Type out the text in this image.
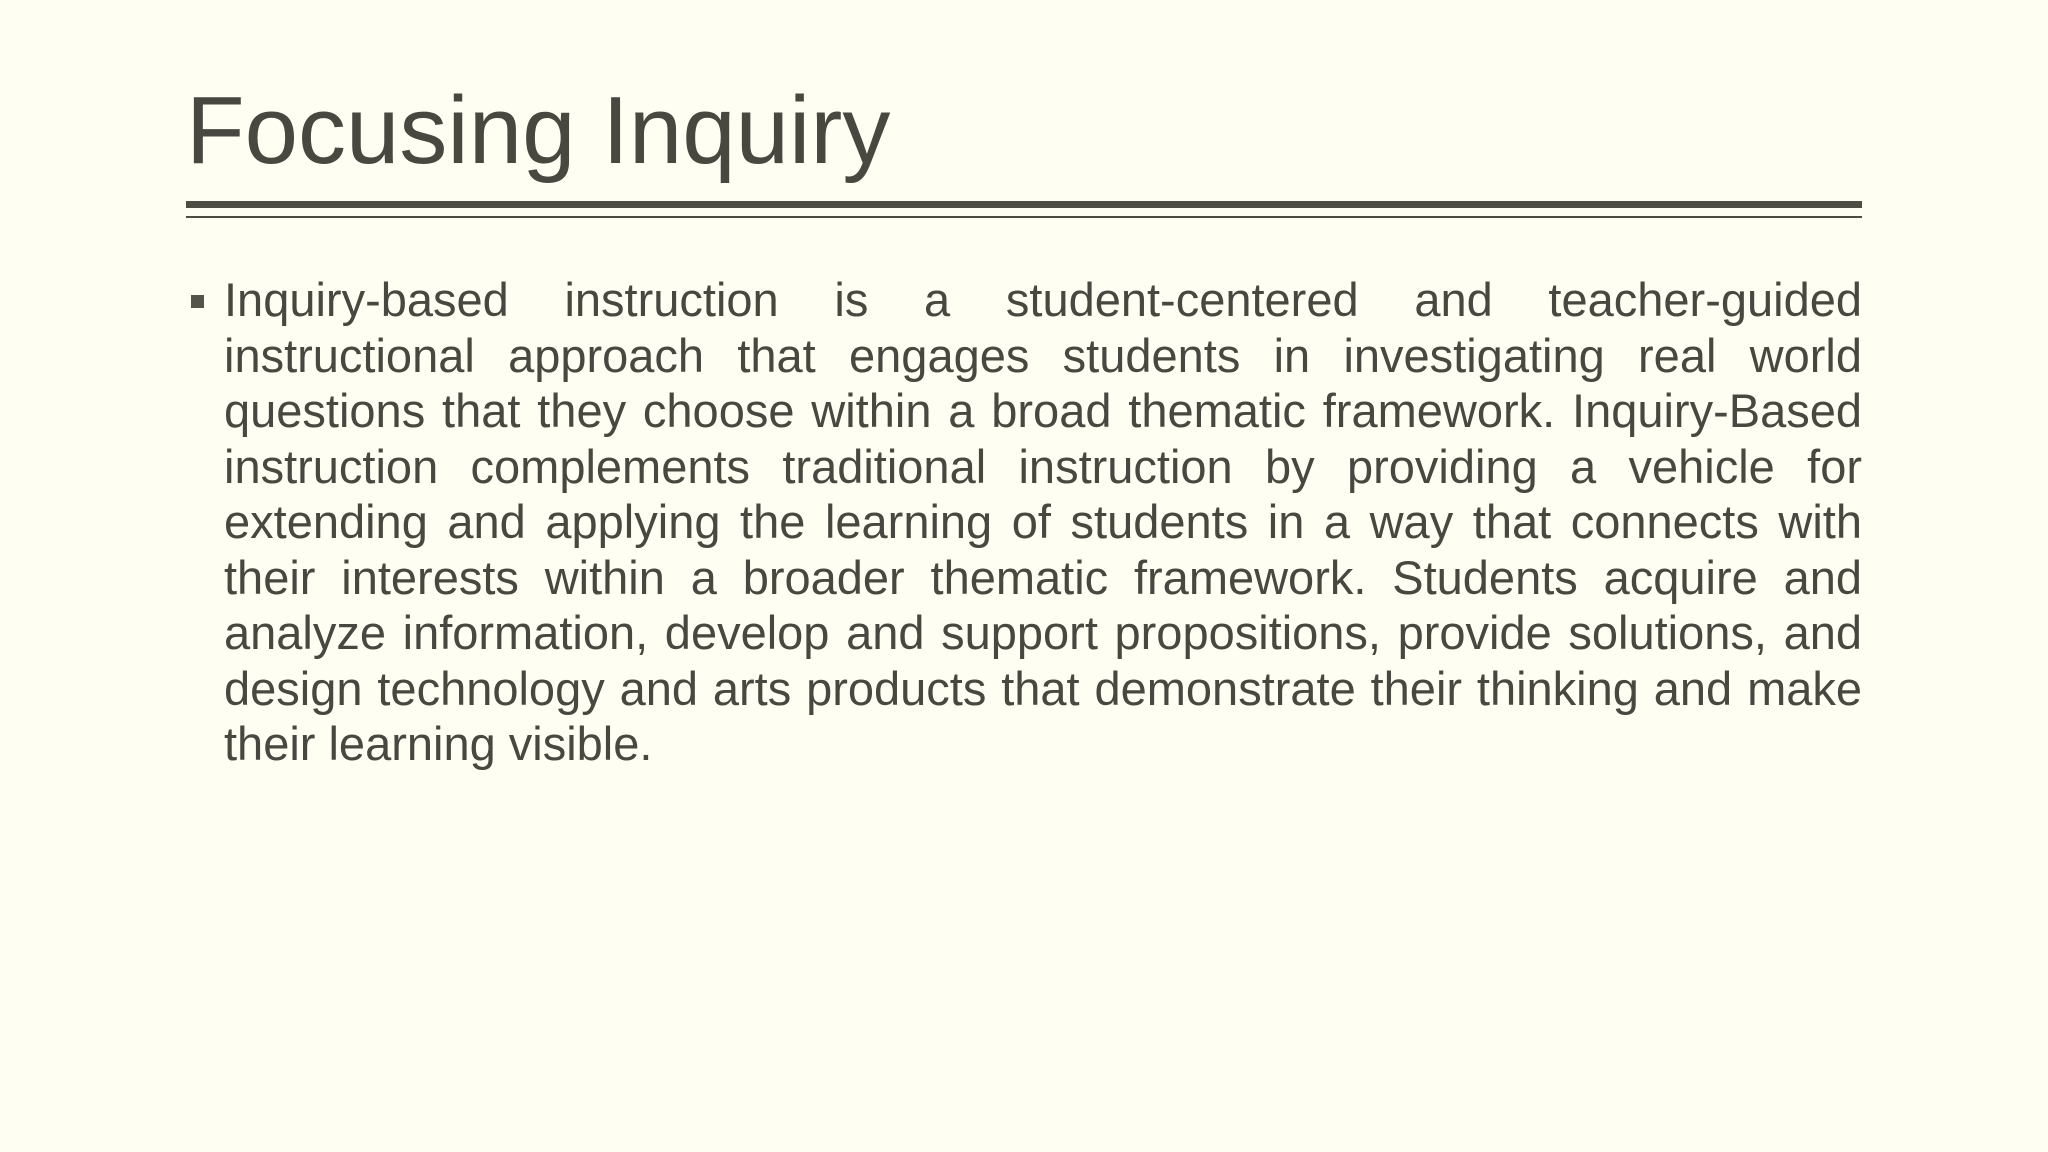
Focusing Inquiry
Inquiry-based instruction is a student-centered and teacher-guided instructional approach that engages students in investigating real world questions that they choose within a broad thematic framework. Inquiry-Based instruction complements traditional instruction by providing a vehicle for extending and applying the learning of students in a way that connects with their interests within a broader thematic framework. Students acquire and analyze information, develop and support propositions, provide solutions, and design technology and arts products that demonstrate their thinking and make their learning visible.
